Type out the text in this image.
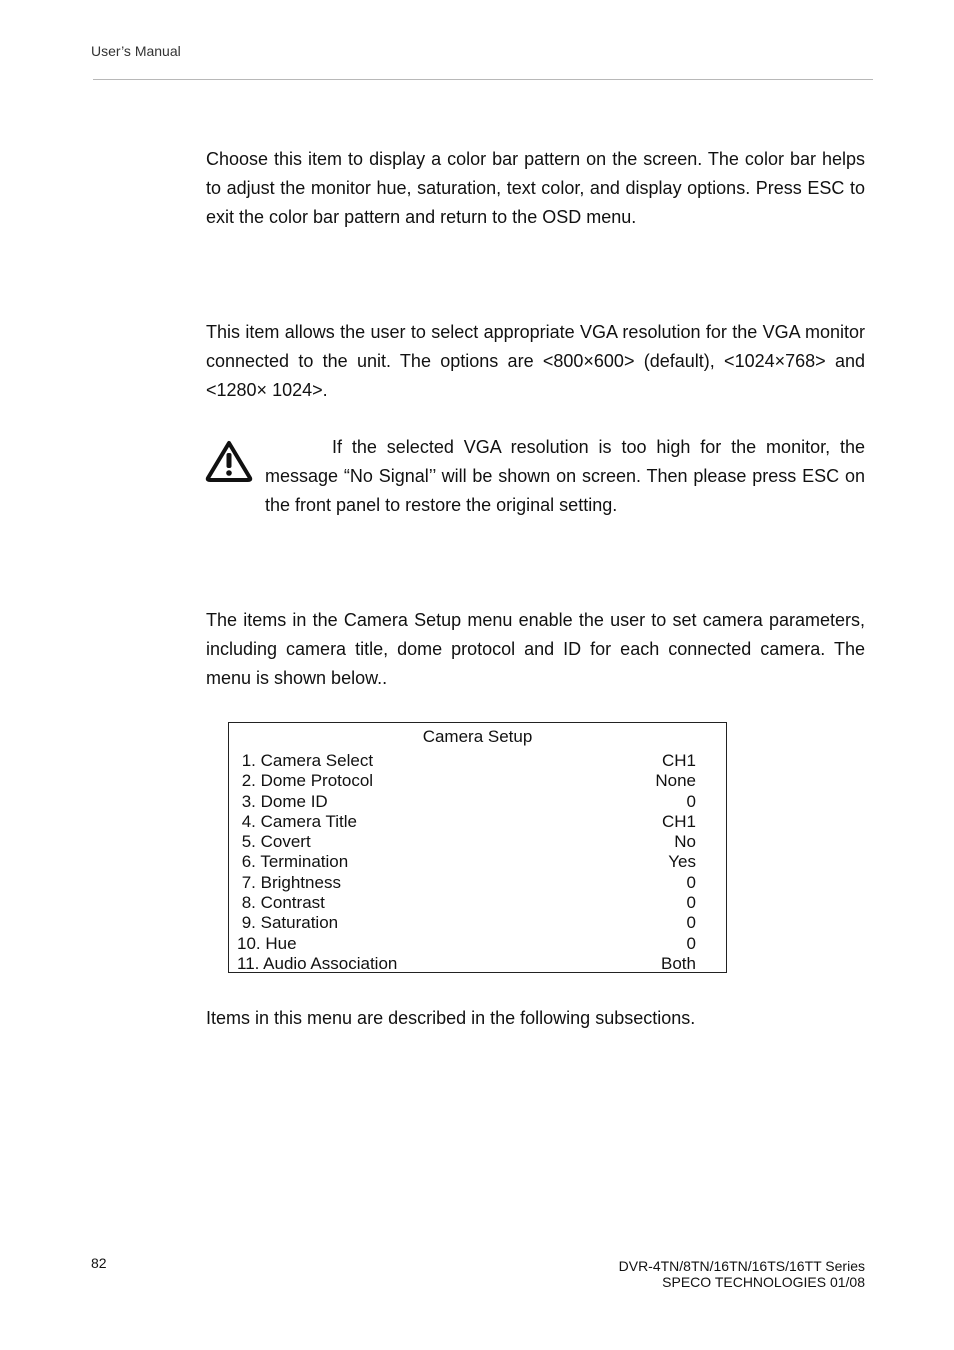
User’s Manual

Choose this item to display a color bar pattern on the screen. The color bar helps to adjust the monitor hue, saturation, text color, and display options. Press ESC to exit the color bar pattern and return to the OSD menu.

This item allows the user to select appropriate VGA resolution for the VGA monitor connected to the unit. The options are <800×600> (default), <1024×768> and <1280× 1024>.

If the selected VGA resolution is too high for the monitor, the message “No Signal’’ will be shown on screen. Then please press ESC on the front panel to restore the original setting.

The items in the Camera Setup menu enable the user to set camera parameters, including camera title, dome protocol and ID for each connected camera. The menu is shown below..

Camera Setup
1. Camera Select	CH1
2. Dome Protocol	None
3. Dome ID	0
4. Camera Title	CH1
5. Covert	No
6. Termination	Yes
7. Brightness	0
8. Contrast	0
9. Saturation	0
10. Hue	0
11. Audio Association	Both

Items in this menu are described in the following subsections.

82	DVR-4TN/8TN/16TN/16TS/16TT Series
SPECO TECHNOLOGIES 01/08
